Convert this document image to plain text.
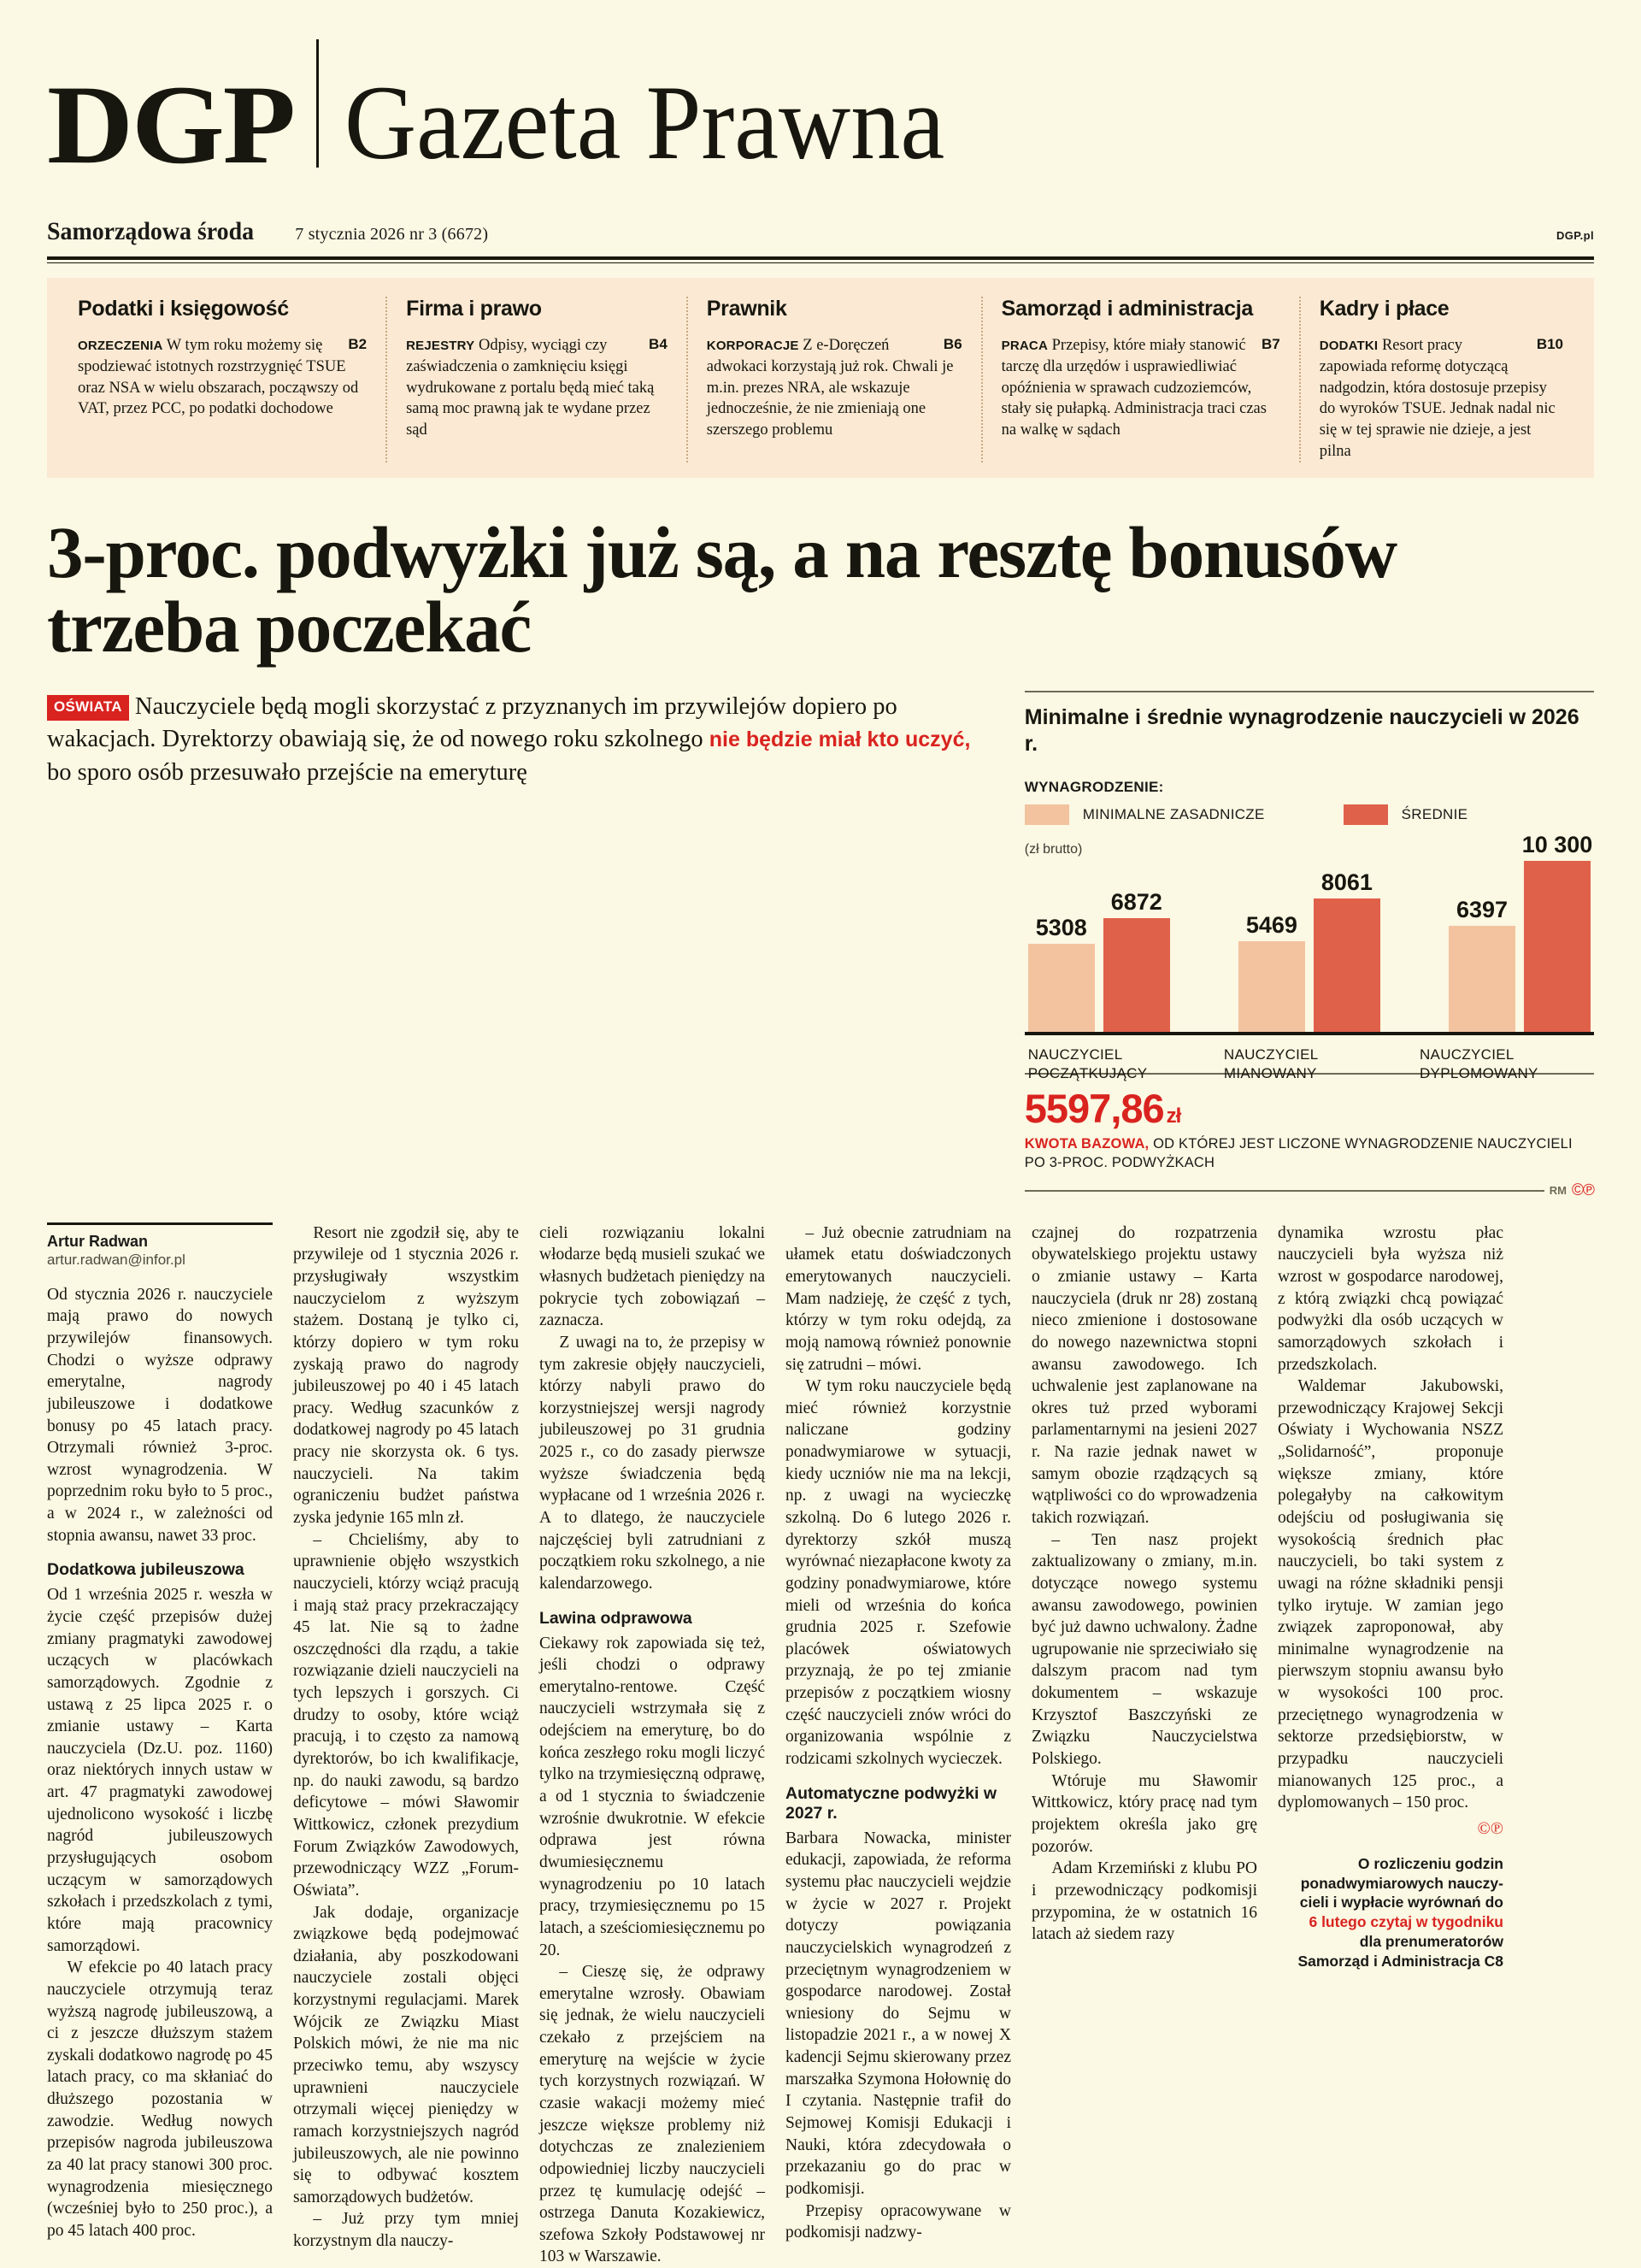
DGP Gazeta Prawna
Samorządowa środa 7 stycznia 2026 nr 3 (6672)	DGP.pl
Podatki i księgowość

B2
ORZECZENIA W tym roku możemy się spodziewać istotnych rozstrzygnięć TSUE oraz NSA w wielu obszarach, począwszy od VAT, przez PCC, po podatki dochodowe

Firma i prawo

B4
REJESTRY Odpisy, wyciągi czy zaświadczenia o zamknięciu księgi wydrukowane z portalu będą mieć taką samą moc prawną jak te wydane przez sąd

Prawnik

B6
KORPORACJE Z e-Doręczeń adwokaci korzystają już rok. Chwali je m.in. prezes NRA, ale wskazuje jednocześnie, że nie zmieniają one szerszego problemu

Samorząd i administracja

B7
PRACA Przepisy, które miały stanowić tarczę dla urzędów i usprawiedliwiać opóźnienia w sprawach cudzoziemców, stały się pułapką. Administracja traci czas na walkę w sądach

Kadry i płace

B10
DODATKI Resort pracy zapowiada reformę dotyczącą nadgodzin, która dostosuje przepisy do wyroków TSUE. Jednak nadal nic się w tej sprawie nie dzieje, a jest pilna

3-proc. podwyżki już są, a na resztę bonusów trzeba poczekać
OŚWIATA Nauczyciele będą mogli skorzystać z przyznanych im przywilejów dopiero po wakacjach. Dyrektorzy obawiają się, że od nowego roku szkolnego nie będzie miał kto uczyć, bo sporo osób przesuwało przejście na emeryturę
Minimalne i średnie wynagrodzenie nauczycieli w 2026 r.
WYNAGRODZENIE:
MINIMALNE ZASADNICZE	ŚREDNIE
(zł brutto)
5308
6872
5469
8061
6397
10 300
NAUCZYCIEL POCZĄTKUJĄCY
NAUCZYCIEL MIANOWANY
NAUCZYCIEL DYPLOMOWANY
5597,86 zł
KWOTA BAZOWA, OD KTÓREJ JEST LICZONE WYNAGRODZENIE NAUCZYCIELI PO 3-PROC. PODWYŻKACH
RM ©℗
Artur Radwan
artur.radwan@infor.pl

Od stycznia 2026 r. nauczyciele mają prawo do nowych przywilejów finansowych. Chodzi o wyższe odprawy emerytalne, nagrody jubileuszowe i dodatkowe bonusy po 45 latach pracy. Otrzymali również 3-proc. wzrost wynagrodzenia. W poprzednim roku było to 5 proc., a w 2024 r., w zależności od stopnia awansu, nawet 33 proc.

Dodatkowa jubileuszowa

Od 1 września 2025 r. weszła w życie część przepisów dużej zmiany pragmatyki zawodowej uczących w placówkach samorządowych. Zgodnie z ustawą z 25 lipca 2025 r. o zmianie ustawy – Karta nauczyciela (Dz.U. poz. 1160) oraz niektórych innych ustaw w art. 47 pragmatyki zawodowej ujednolicono wysokość i liczbę nagród jubileuszowych przysługujących osobom uczącym w samorządowych szkołach i przedszkolach z tymi, które mają pracownicy samorządowi.

W efekcie po 40 latach pracy nauczyciele otrzymują teraz wyższą nagrodę jubileuszową, a ci z jeszcze dłuższym stażem zyskali dodatkowo nagrodę po 45 latach pracy, co ma skłaniać do dłuższego pozostania w zawodzie. Według nowych przepisów nagroda jubileuszowa za 40 lat pracy stanowi 300 proc. wynagrodzenia miesięcznego (wcześniej było to 250 proc.), a po 45 latach 400 proc.

Resort nie zgodził się, aby te przywileje od 1 stycznia 2026 r. przysługiwały wszystkim nauczycielom z wyższym stażem. Dostaną je tylko ci, którzy dopiero w tym roku zyskają prawo do nagrody jubileuszowej po 40 i 45 latach pracy. Według szacunków z dodatkowej nagrody po 45 latach pracy nie skorzysta ok. 6 tys. nauczycieli. Na takim ograniczeniu budżet państwa zyska jedynie 165 mln zł.

– Chcieliśmy, aby to uprawnienie objęło wszystkich nauczycieli, którzy wciąż pracują i mają staż pracy przekraczający 45 lat. Nie są to żadne oszczędności dla rządu, a takie rozwiązanie dzieli nauczycieli na tych lepszych i gorszych. Ci drudzy to osoby, które wciąż pracują, i to często za namową dyrektorów, bo ich kwalifikacje, np. do nauki zawodu, są bardzo deficytowe – mówi Sławomir Wittkowicz, członek prezydium Forum Związków Zawodowych, przewodniczący WZZ „Forum-Oświata”.

Jak dodaje, organizacje związkowe będą podejmować działania, aby poszkodowani nauczyciele zostali objęci korzystnymi regulacjami. Marek Wójcik ze Związku Miast Polskich mówi, że nie ma nic przeciwko temu, aby wszyscy uprawnieni nauczyciele otrzymali więcej pieniędzy w ramach korzystniejszych nagród jubileuszowych, ale nie powinno się to odbywać kosztem samorządowych budżetów.

– Już przy tym mniej korzystnym dla nauczy-

cieli rozwiązaniu lokalni włodarze będą musieli szukać we własnych budżetach pieniędzy na pokrycie tych zobowiązań – zaznacza.

Z uwagi na to, że przepisy w tym zakresie objęły nauczycieli, którzy nabyli prawo do korzystniejszej wersji nagrody jubileuszowej po 31 grudnia 2025 r., co do zasady pierwsze wyższe świadczenia będą wypłacane od 1 września 2026 r. A to dlatego, że nauczyciele najczęściej byli zatrudniani z początkiem roku szkolnego, a nie kalendarzowego.

Lawina odprawowa

Ciekawy rok zapowiada się też, jeśli chodzi o odprawy emerytalno-rentowe. Część nauczycieli wstrzymała się z odejściem na emeryturę, bo do końca zeszłego roku mogli liczyć tylko na trzymiesięczną odprawę, a od 1 stycznia to świadczenie wzrośnie dwukrotnie. W efekcie odprawa jest równa dwumiesięcznemu wynagrodzeniu po 10 latach pracy, trzymiesięcznemu po 15 latach, a sześciomiesięcznemu po 20.

– Cieszę się, że odprawy emerytalne wzrosły. Obawiam się jednak, że wielu nauczycieli czekało z przejściem na emeryturę na wejście w życie tych korzystnych rozwiązań. W czasie wakacji możemy mieć jeszcze większe problemy niż dotychczas ze znalezieniem odpowiedniej liczby nauczycieli przez tę kumulację odejść – ostrzega Danuta Kozakiewicz, szefowa Szkoły Podstawowej nr 103 w Warszawie.

– Już obecnie zatrudniam na ułamek etatu doświadczonych emerytowanych nauczycieli. Mam nadzieję, że część z tych, którzy w tym roku odejdą, za moją namową również ponownie się zatrudni – mówi.

W tym roku nauczyciele będą mieć również korzystnie naliczane godziny ponadwymiarowe w sytuacji, kiedy uczniów nie ma na lekcji, np. z uwagi na wycieczkę szkolną. Do 6 lutego 2026 r. dyrektorzy szkół muszą wyrównać niezapłacone kwoty za godziny ponadwymiarowe, które mieli od września do końca grudnia 2025 r. Szefowie placówek oświatowych przyznają, że po tej zmianie przepisów z początkiem wiosny część nauczycieli znów wróci do organizowania wspólnie z rodzicami szkolnych wycieczek.

Automatyczne podwyżki w 2027 r.

Barbara Nowacka, minister edukacji, zapowiada, że reforma systemu płac nauczycieli wejdzie w życie w 2027 r. Projekt dotyczy powiązania nauczycielskich wynagrodzeń z przeciętnym wynagrodzeniem w gospodarce narodowej. Został wniesiony do Sejmu w listopadzie 2021 r., a w nowej X kadencji Sejmu skierowany przez marszałka Szymona Hołownię do I czytania. Następnie trafił do Sejmowej Komisji Edukacji i Nauki, która zdecydowała o przekazaniu go do prac w podkomisji.

Przepisy opracowywane w podkomisji nadzwy-

czajnej do rozpatrzenia obywatelskiego projektu ustawy o zmianie ustawy – Karta nauczyciela (druk nr 28) zostaną nieco zmienione i dostosowane do nowego nazewnictwa stopni awansu zawodowego. Ich uchwalenie jest zaplanowane na okres tuż przed wyborami parlamentarnymi na jesieni 2027 r. Na razie jednak nawet w samym obozie rządzących są wątpliwości co do wprowadzenia takich rozwiązań.

– Ten nasz projekt zaktualizowany o zmiany, m.in. dotyczące nowego systemu awansu zawodowego, powinien być już dawno uchwalony. Żadne ugrupowanie nie sprzeciwiało się dalszym pracom nad tym dokumentem – wskazuje Krzysztof Baszczyński ze Związku Nauczycielstwa Polskiego.

Wtóruje mu Sławomir Wittkowicz, który pracę nad tym projektem określa jako grę pozorów.

Adam Krzemiński z klubu PO i przewodniczący podkomisji przypomina, że w ostatnich 16 latach aż siedem razy

dynamika wzrostu płac nauczycieli była wyższa niż wzrost w gospodarce narodowej, z którą związki chcą powiązać podwyżki dla osób uczących w samorządowych szkołach i przedszkolach.

Waldemar Jakubowski, przewodniczący Krajowej Sekcji Oświaty i Wychowania NSZZ „Solidarność”, proponuje większe zmiany, które polegałyby na całkowitym odejściu od posługiwania się wysokością średnich płac nauczycieli, bo taki system z uwagi na różne składniki pensji tylko irytuje. W zamian jego związek zaproponował, aby minimalne wynagrodzenie na pierwszym stopniu awansu było w wysokości 100 proc. przeciętnego wynagrodzenia w sektorze przedsiębiorstw, w przypadku nauczycieli mianowanych 125 proc., a dyplomowanych – 150 proc.

©℗
O rozliczeniu godzin
ponadwymiarowych nauczy-
cieli i wypłacie wyrównań do
6 lutego czytaj w tygodniku
dla prenumeratorów
Samorząd i Administracja C8
